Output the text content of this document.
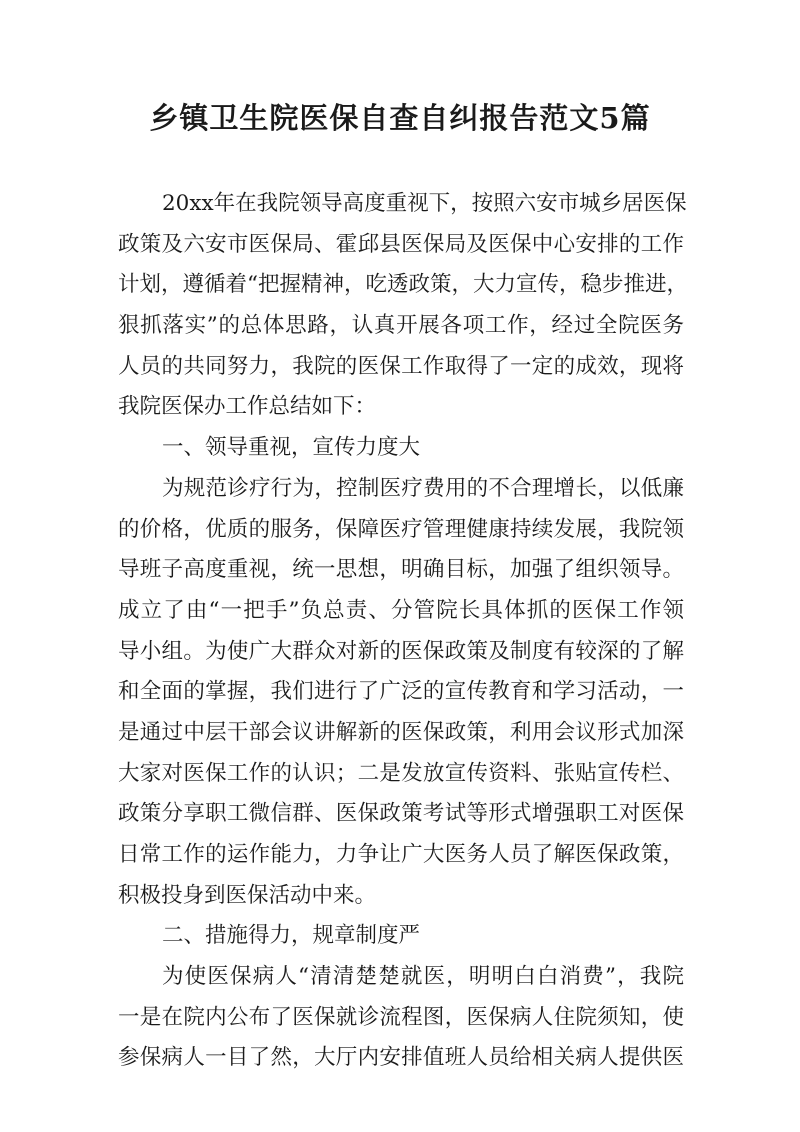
乡镇卫生院医保自查自纠报告范文5篇
20xx年在我院领导高度重视下，按照六安市城乡居医保
政策及六安市医保局、霍邱县医保局及医保中心安排的工作
计划，遵循着“把握精神，吃透政策，大力宣传，稳步推进，
狠抓落实”的总体思路，认真开展各项工作，经过全院医务
人员的共同努力，我院的医保工作取得了一定的成效，现将
我院医保办工作总结如下：
一、领导重视，宣传力度大
为规范诊疗行为，控制医疗费用的不合理增长，以低廉
的价格，优质的服务，保障医疗管理健康持续发展，我院领
导班子高度重视，统一思想，明确目标，加强了组织领导。
成立了由“一把手”负总责、分管院长具体抓的医保工作领
导小组。为使广大群众对新的医保政策及制度有较深的了解
和全面的掌握，我们进行了广泛的宣传教育和学习活动，一
是通过中层干部会议讲解新的医保政策，利用会议形式加深
大家对医保工作的认识；二是发放宣传资料、张贴宣传栏、
政策分享职工微信群、医保政策考试等形式增强职工对医保
日常工作的运作能力，力争让广大医务人员了解医保政策，
积极投身到医保活动中来。
二、措施得力，规章制度严
为使医保病人“清清楚楚就医，明明白白消费”，我院
一是在院内公布了医保就诊流程图，医保病人住院须知，使
参保病人一目了然，大厅内安排值班人员给相关病人提供医
